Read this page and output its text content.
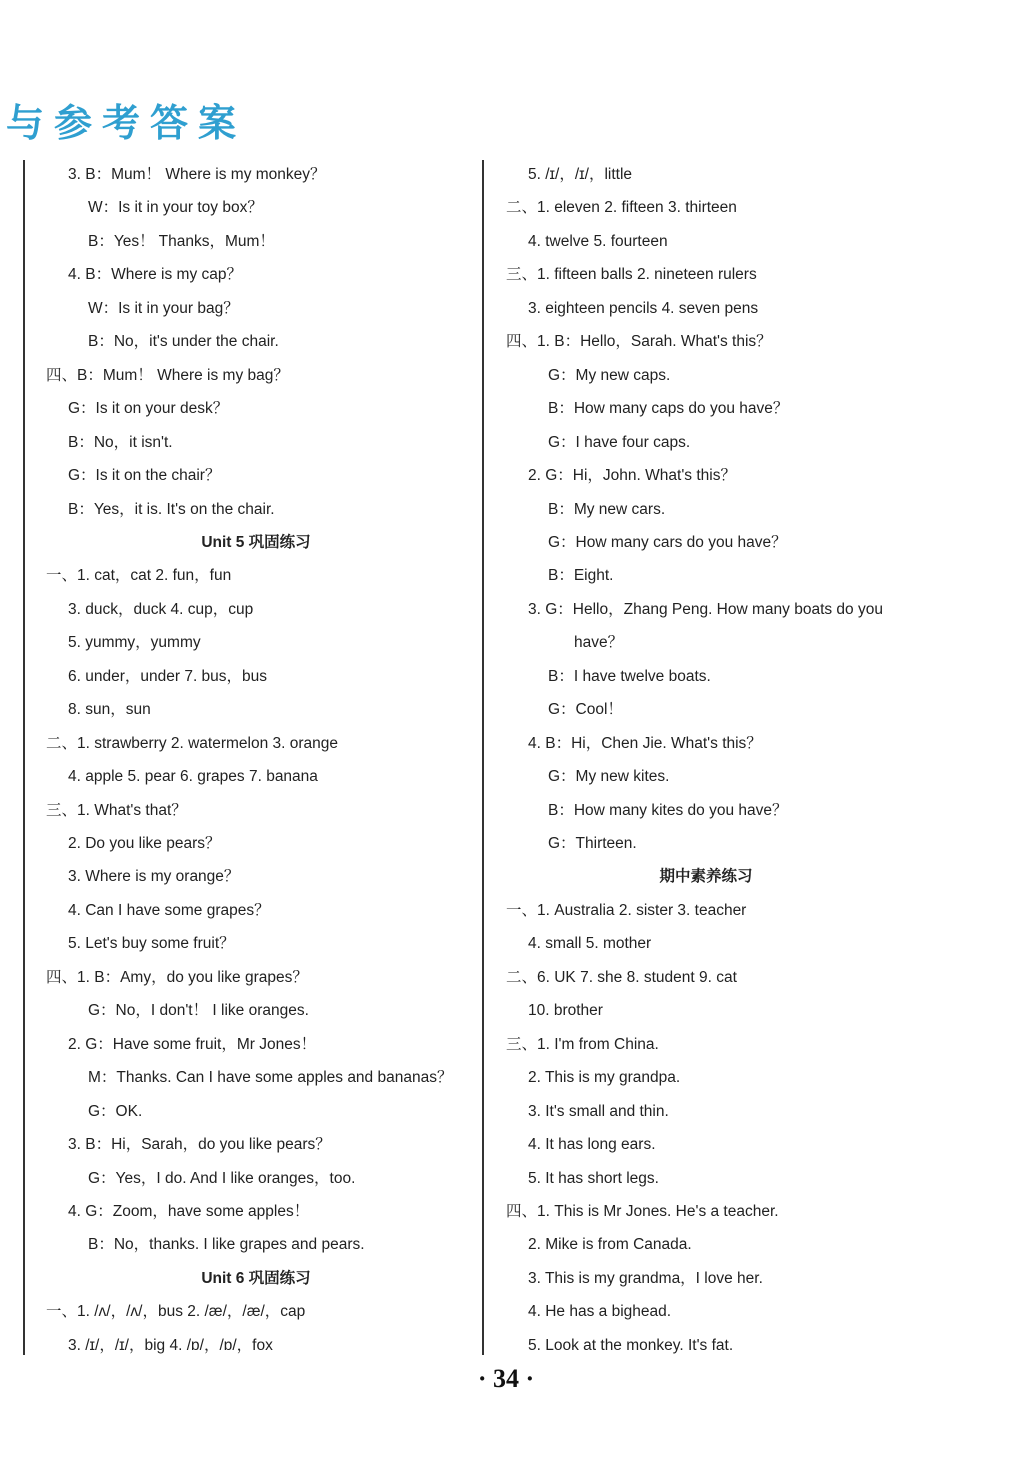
与参考答案
3. B：Mum！ Where is my monkey？
W：Is it in your toy box？
B：Yes！ Thanks，Mum！
4. B：Where is my cap？
W：Is it in your bag？
B：No，it's under the chair.
四、B：Mum！ Where is my bag？
G：Is it on your desk？
B：No，it isn't.
G：Is it on the chair？
B：Yes，it is. It's on the chair.
Unit 5 巩固练习
一、1. cat，cat 2. fun，fun
3. duck，duck 4. cup，cup
5. yummy，yummy
6. under，under 7. bus，bus
8. sun，sun
二、1. strawberry 2. watermelon 3. orange
4. apple 5. pear 6. grapes 7. banana
三、1. What's that？
2. Do you like pears？
3. Where is my orange？
4. Can I have some grapes？
5. Let's buy some fruit？
四、1. B：Amy，do you like grapes？
G：No，I don't！ I like oranges.
2. G：Have some fruit，Mr Jones！
M：Thanks. Can I have some apples and bananas？
G：OK.
3. B：Hi，Sarah，do you like pears？
G：Yes，I do. And I like oranges，too.
4. G：Zoom，have some apples！
B：No，thanks. I like grapes and pears.
Unit 6 巩固练习
一、1. /ʌ/，/ʌ/，bus 2. /æ/，/æ/，cap
3. /ɪ/，/ɪ/，big 4. /ɒ/，/ɒ/，fox
5. /ɪ/，/ɪ/，little
二、1. eleven 2. fifteen 3. thirteen
4. twelve 5. fourteen
三、1. fifteen balls 2. nineteen rulers
3. eighteen pencils 4. seven pens
四、1. B：Hello，Sarah. What's this？
G：My new caps.
B：How many caps do you have？
G：I have four caps.
2. G：Hi，John. What's this？
B：My new cars.
G：How many cars do you have？
B：Eight.
3. G：Hello，Zhang Peng. How many boats do you
have？
B：I have twelve boats.
G：Cool！
4. B：Hi，Chen Jie. What's this？
G：My new kites.
B：How many kites do you have？
G：Thirteen.
期中素养练习
一、1. Australia 2. sister 3. teacher
4. small 5. mother
二、6. UK 7. she 8. student 9. cat
10. brother
三、1. I'm from China.
2. This is my grandpa.
3. It's small and thin.
4. It has long ears.
5. It has short legs.
四、1. This is Mr Jones. He's a teacher.
2. Mike is from Canada.
3. This is my grandma，I love her.
4. He has a bighead.
5. Look at the monkey. It's fat.
· 34 ·
